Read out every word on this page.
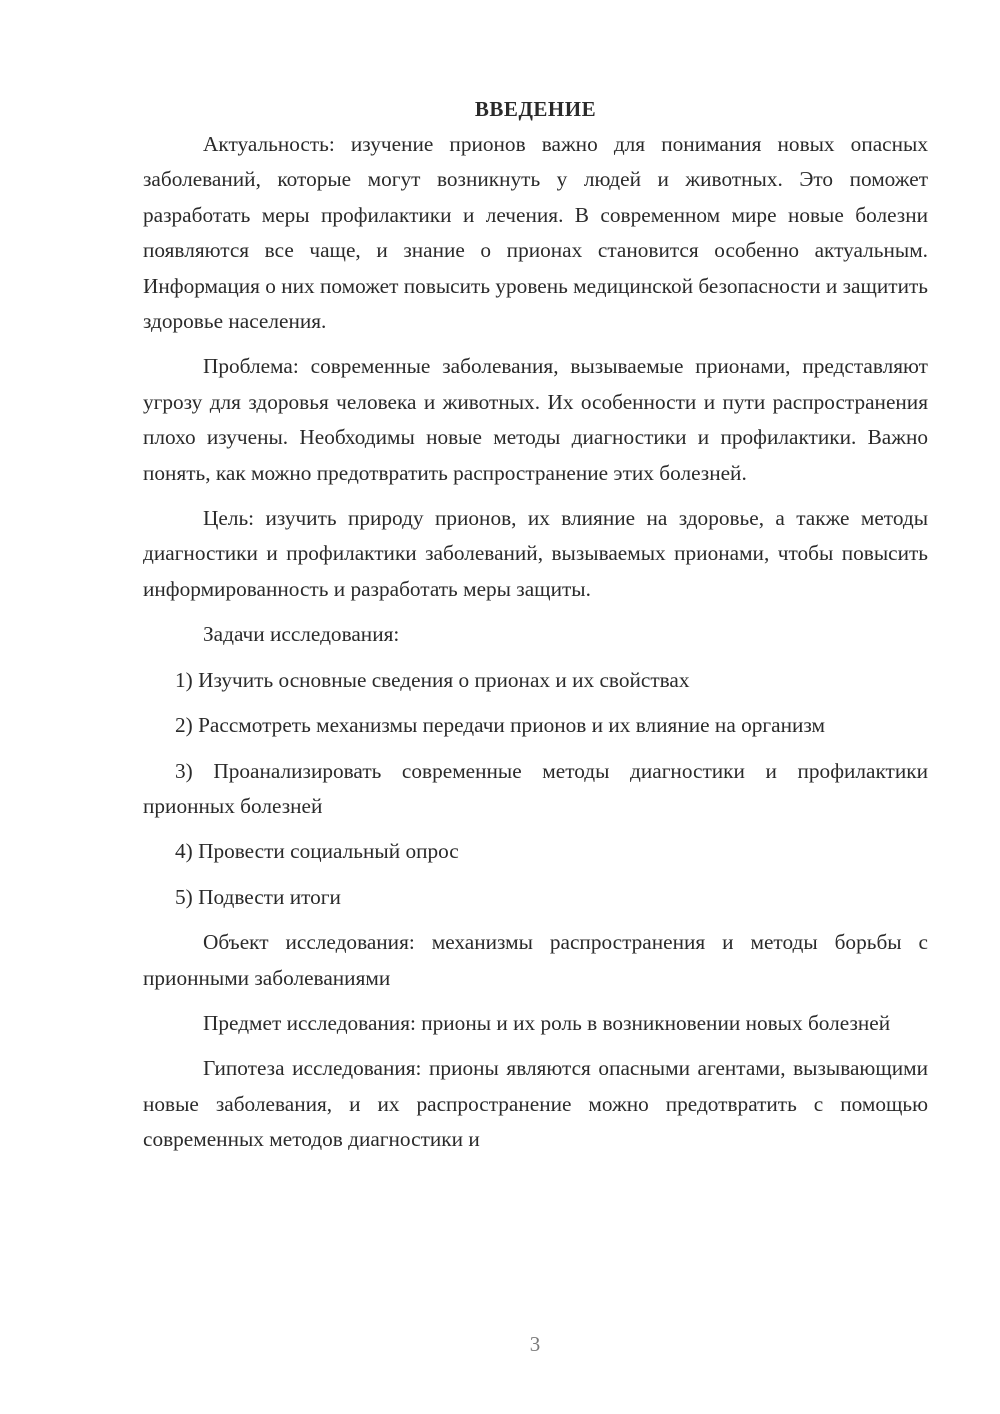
ВВЕДЕНИЕ

Актуальность: изучение прионов важно для понимания новых опасных заболеваний, которые могут возникнуть у людей и животных. Это поможет разработать меры профилактики и лечения. В современном мире новые болезни появляются все чаще, и знание о прионах становится особенно актуальным. Информация о них поможет повысить уровень медицинской безопасности и защитить здоровье населения.

Проблема: современные заболевания, вызываемые прионами, представляют угрозу для здоровья человека и животных. Их особенности и пути распространения плохо изучены. Необходимы новые методы диагностики и профилактики. Важно понять, как можно предотвратить распространение этих болезней.

Цель: изучить природу прионов, их влияние на здоровье, а также методы диагностики и профилактики заболеваний, вызываемых прионами, чтобы повысить информированность и разработать меры защиты.

Задачи исследования:

1) Изучить основные сведения о прионах и их свойствах

2) Рассмотреть механизмы передачи прионов и их влияние на организм

3) Проанализировать современные методы диагностики и профилактики прионных болезней

4) Провести социальный опрос

5) Подвести итоги

Объект исследования: механизмы распространения и методы борьбы с прионными заболеваниями

Предмет исследования: прионы и их роль в возникновении новых болезней

Гипотеза исследования: прионы являются опасными агентами, вызывающими новые заболевания, и их распространение можно предотвратить с помощью современных методов диагностики и

3
